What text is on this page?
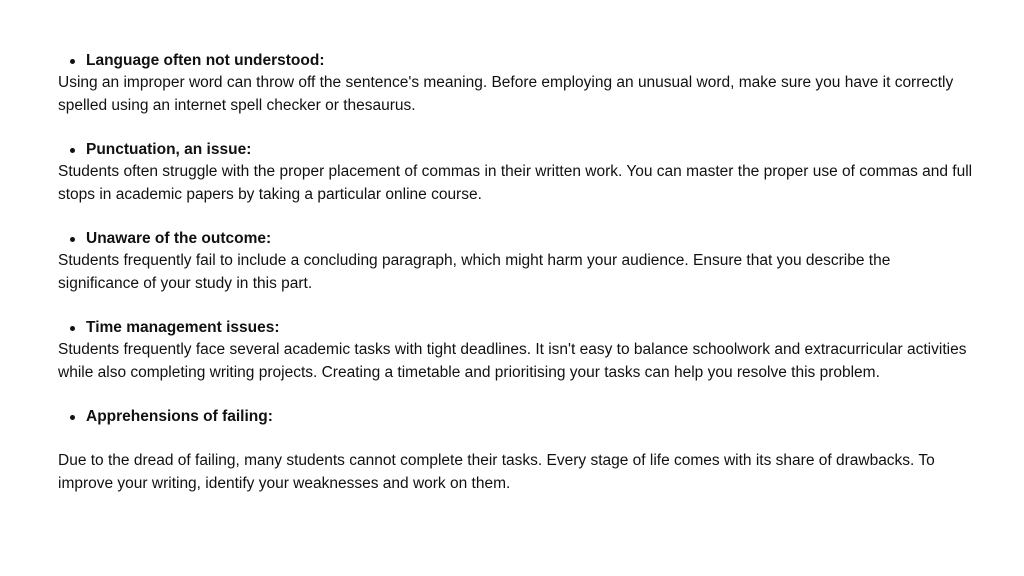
Language often not understood:

Using an improper word can throw off the sentence's meaning. Before employing an unusual word, make sure you have it correctly spelled using an internet spell checker or thesaurus.

Punctuation, an issue:

Students often struggle with the proper placement of commas in their written work. You can master the proper use of commas and full stops in academic papers by taking a particular online course.

Unaware of the outcome:

Students frequently fail to include a concluding paragraph, which might harm your audience. Ensure that you describe the significance of your study in this part.

Time management issues:

Students frequently face several academic tasks with tight deadlines. It isn't easy to balance schoolwork and extracurricular activities while also completing writing projects. Creating a timetable and prioritising your tasks can help you resolve this problem.

Apprehensions of failing:

Due to the dread of failing, many students cannot complete their tasks. Every stage of life comes with its share of drawbacks. To improve your writing, identify your weaknesses and work on them.
